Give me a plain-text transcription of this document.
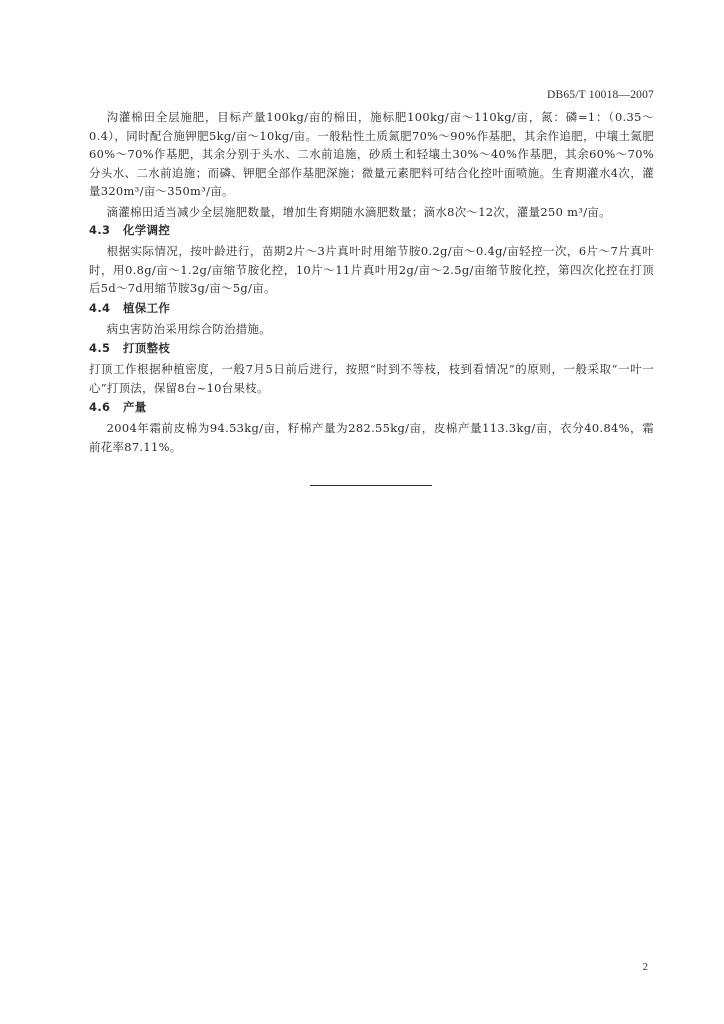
DB65/T 10018—2007

沟灌棉田全层施肥，目标产量100kg/亩的棉田，施标肥100kg/亩～110kg/亩，氮：磷=1：（0.35～0.4），同时配合施钾肥5kg/亩～10kg/亩。一般粘性土质氮肥70%～90%作基肥，其余作追肥，中壤土氮肥60%～70%作基肥，其余分别于头水、二水前追施，砂质土和轻壤土30%～40%作基肥，其余60%～70%分头水、二水前追施；而磷、钾肥全部作基肥深施；微量元素肥料可结合化控叶面喷施。生育期灌水4次，灌量320m³/亩～350m³/亩。

滴灌棉田适当减少全层施肥数量，增加生育期随水滴肥数量；滴水8次～12次，灌量250 m³/亩。

4.3 化学调控

根据实际情况，按叶龄进行，苗期2片～3片真叶时用缩节胺0.2g/亩～0.4g/亩轻控一次，6片～7片真叶时，用0.8g/亩～1.2g/亩缩节胺化控，10片～11片真叶用2g/亩～2.5g/亩缩节胺化控，第四次化控在打顶后5d～7d用缩节胺3g/亩～5g/亩。

4.4 植保工作

病虫害防治采用综合防治措施。

4.5 打顶整枝

打顶工作根据种植密度，一般7月5日前后进行，按照“时到不等枝，枝到看情况”的原则，一般采取“一叶一心”打顶法，保留8台~10台果枝。

4.6 产量

2004年霜前皮棉为94.53kg/亩，籽棉产量为282.55kg/亩，皮棉产量113.3kg/亩，衣分40.84%，霜前花率87.11%。

2
